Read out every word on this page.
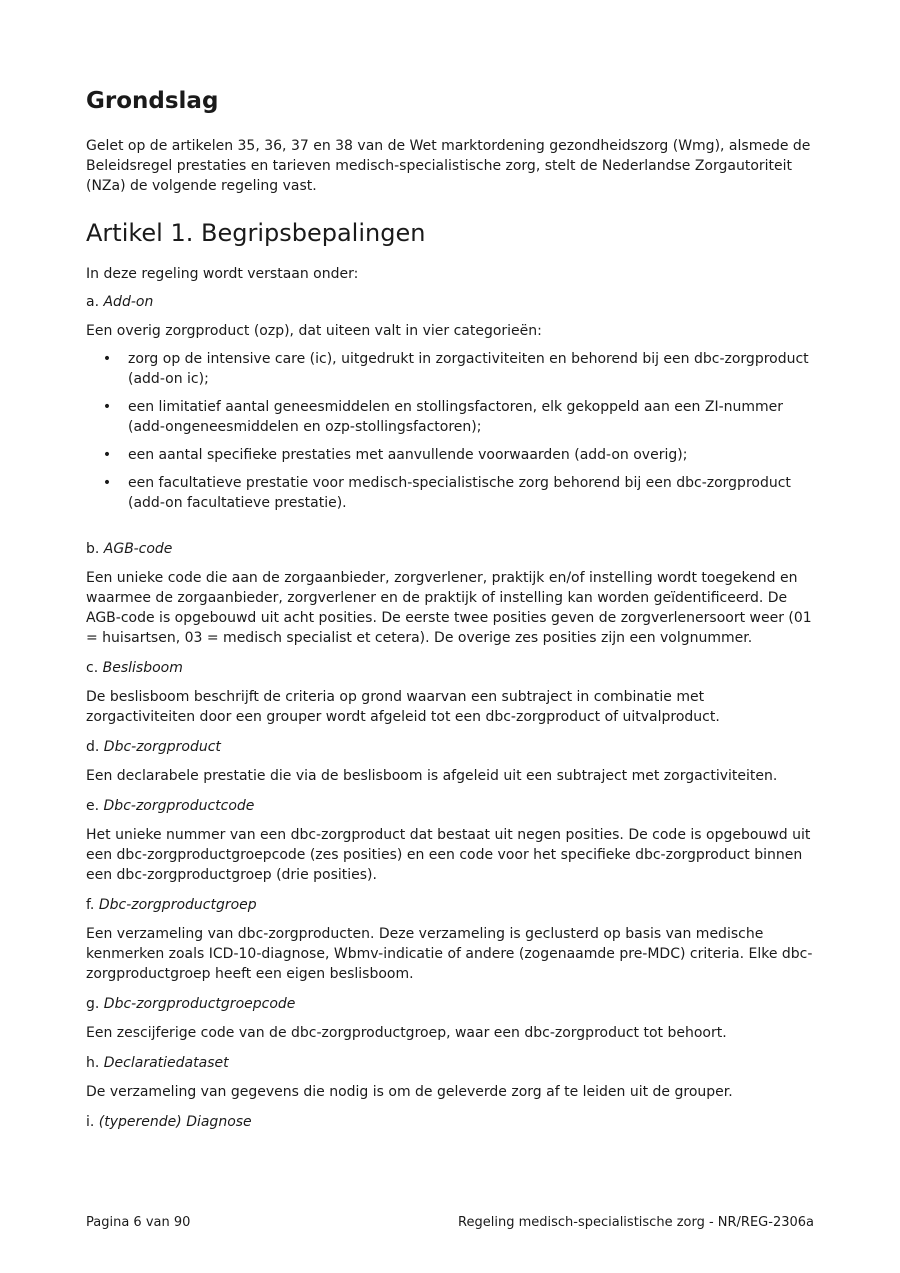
Grondslag

Gelet op de artikelen 35, 36, 37 en 38 van de Wet marktordening gezondheidszorg (Wmg), alsmede de Beleidsregel prestaties en tarieven medisch-specialistische zorg, stelt de Nederlandse Zorgautoriteit (NZa) de volgende regeling vast.

Artikel 1. Begripsbepalingen

In deze regeling wordt verstaan onder:

a. Add-on

Een overig zorgproduct (ozp), dat uiteen valt in vier categorieën:

• zorg op de intensive care (ic), uitgedrukt in zorgactiviteiten en behorend bij een dbc-zorgproduct (add-on ic);
• een limitatief aantal geneesmiddelen en stollingsfactoren, elk gekoppeld aan een ZI-nummer (add-ongeneesmiddelen en ozp-stollingsfactoren);
• een aantal specifieke prestaties met aanvullende voorwaarden (add-on overig);
• een facultatieve prestatie voor medisch-specialistische zorg behorend bij een dbc-zorgproduct (add-on facultatieve prestatie).
b. AGB-code

Een unieke code die aan de zorgaanbieder, zorgverlener, praktijk en/of instelling wordt toegekend en waarmee de zorgaanbieder, zorgverlener en de praktijk of instelling kan worden geïdentificeerd. De AGB-code is opgebouwd uit acht posities. De eerste twee posities geven de zorgverlenersoort weer (01 = huisartsen, 03 = medisch specialist et cetera). De overige zes posities zijn een volgnummer.

c. Beslisboom

De beslisboom beschrijft de criteria op grond waarvan een subtraject in combinatie met zorgactiviteiten door een grouper wordt afgeleid tot een dbc-zorgproduct of uitvalproduct.

d. Dbc-zorgproduct

Een declarabele prestatie die via de beslisboom is afgeleid uit een subtraject met zorgactiviteiten.

e. Dbc-zorgproductcode

Het unieke nummer van een dbc-zorgproduct dat bestaat uit negen posities. De code is opgebouwd uit een dbc-zorgproductgroepcode (zes posities) en een code voor het specifieke dbc-zorgproduct binnen een dbc-zorgproductgroep (drie posities).

f. Dbc-zorgproductgroep

Een verzameling van dbc-zorgproducten. Deze verzameling is geclusterd op basis van medische kenmerken zoals ICD-10-diagnose, Wbmv-indicatie of andere (zogenaamde pre-MDC) criteria. Elke dbc-zorgproductgroep heeft een eigen beslisboom.

g. Dbc-zorgproductgroepcode

Een zescijferige code van de dbc-zorgproductgroep, waar een dbc-zorgproduct tot behoort.

h. Declaratiedataset

De verzameling van gegevens die nodig is om de geleverde zorg af te leiden uit de grouper.

i. (typerende) Diagnose
Pagina 6 van 90	Regeling medisch-specialistische zorg - NR/REG-2306a
